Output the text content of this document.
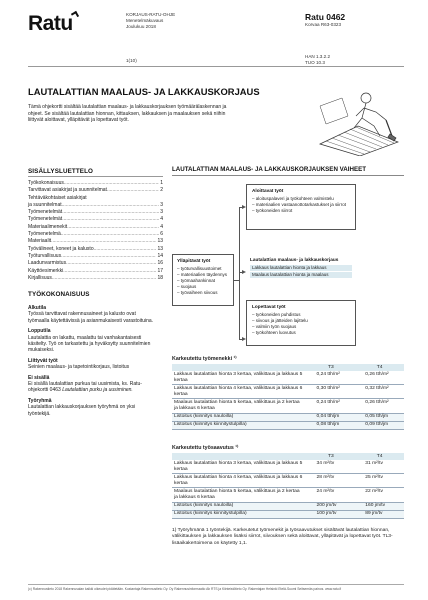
Ratu	KORJAUS-RATU-OHJE
Menetelmäkuvaus
Joulukuu 2018
1(10)
Ratu 0462
Korvaa R63-0323
HAN 1.3.2.2
TUO 10.3
LAUTALATTIAN MAALAUS- JA LAKKAUSKORJAUS
Tämä ohjekortti sisältää lautalattian maalaus- ja lakkauskorjauksen työmäärälaskennan ja ohjeet. Se sisältää lautalattian hionnan, kittauksen, lakkauksen ja maalauksen sekä niihin liittyvät aloittavat, ylläpitävät ja lopettavat työt.
SISÄLLYSLUETTELO
Työkokonaisuus .....	1
Tarvittavat asiakirjat ja suunnitelmat .....	2
Tehtäväkohtaiset asiakirjat
ja suunnitelmat .....	3
Työmenetelmät .....	3
Työmenetelmät .....	4
Materiaalimenekit .....	4
Työmenetelmä .....	6
Materiaalit .....	13
Työvälineet, koneet ja kalusto .....	13
Työturvallisuus .....	14
Laadunvarmistus .....	16
Käyttöesimerkki .....	17
Kirjallisuus .....	18
TYÖKOKONAISUUS
Alkutila
Työssä tarvittavat rakennusaineet ja kalusto ovat työmaalla käytettävissä ja asianmukaisesti varastoituina.
Lopputila
Lautalattia on lakattu, maalattu tai vanhakantaisesti käsitelty. Työ on tarkastettu ja hyväksytty suunnitelmien mukaiseksi.
Liittyvät työt
Seinien maalaus- ja tapetointikorjaus, listoitus
Ei sisällä
Ei sisällä lautalattian purkua tai uusimista, ks. Ratu-ohjekortti 0463 Lautalattian purku ja uusiminen.
Työryhmä
Lautalattian lakkauskorjauksen työryhmä on yksi työntekijä.
LAUTALATTIAN MAALAUS- JA LAKKAUSKORJAUKSEN VAIHEET
Aloittavat työt
– aloituspalaveri ja työkohteen valmistelu
– materiaalien vastaanottotarkastukset ja siirrot
– työkoneiden siirrot
Ylläpitävät työt
– työturvallisuustoimet
– materiaalien täydennys
– työmaahankinnat
– suojaus
– työvaiheen siivous
Lautalattian maalaus- ja lakkauskorjaus
Lakkaus lautalattian hionta ja lakkaus
Maalaus lautalattian hionta ja maalaus
Lopettavat työt
– työkoneiden puhdistus
– siivous ja jätteiden lajittelu
– valmiin työn suojaus
– työkohteen luovutus
Karkeutettu työmenekki ¹⁾
	T3	T4
Lakkaus lautalattian hionta 3 kertaa, välikittaus ja lakkaus 5 kertaa	0,24 tth/m²	0,26 tth/m²
Lakkaus lautalattian hionta 4 kertaa, välikittaus ja lakkaus 6 kertaa	0,30 tth/m²	0,32 tth/m²
Maalaus lautalattian hionta 5 kertaa, välikittaus ja 2 kertaa ja lakkaus 6 kertaa	0,24 tth/m²	0,26 tth/m²
Listoitus (kiinnitys nauloilla)	0,04 tth/jm	0,05 tth/jm
Listoitus (kiinnitys kiinnitystulpilla)	0,08 tth/jm	0,09 tth/jm
Karkeutettu työsaavutus ¹⁾
	T3	T4
Lakkaus lautalattian hionta 3 kertaa, välikittaus ja lakkaus 5 kertaa	34 m²/tv	31 m²/tv
Lakkaus lautalattian hionta 4 kertaa, välikittaus ja lakkaus 6 kertaa	28 m²/tv	25 m²/tv
Maalaus lautalattian hionta 5 kertaa, välikittaus ja 2 kertaa ja lakkaus 6 kertaa	24 m²/tv	22 m²/tv
Listoitus (kiinnitys nauloilla)	200 jm/tv	160 jm/tv
Listoitus (kiinnitys kiinnitystulpilla)	100 jm/tv	89 jm/tv
1) Työryhmänä 1 työntekijä. Karkeutetut työmenekit ja työsaavutukset sisältävät lautalattian hionnan, välikittauksen ja lakkauksen lisäksi siirrot, siivouksen sekä aloittavat, ylläpitävät ja lopettavat työt. TL3-lisäaikakertoimena on käytetty 1,1.
(c) Rakennustieto 2018 Rakennusalan kaikki oikeudet pidätetään. Kustantaja Rakennustieto Oy. Oy Rakennusinformaatio Ab RTS ja Kiinteistötieto Oy. Rakentajan Helsinki Etelä-Suomi Seitsemäs painos. www.ratu.fi
